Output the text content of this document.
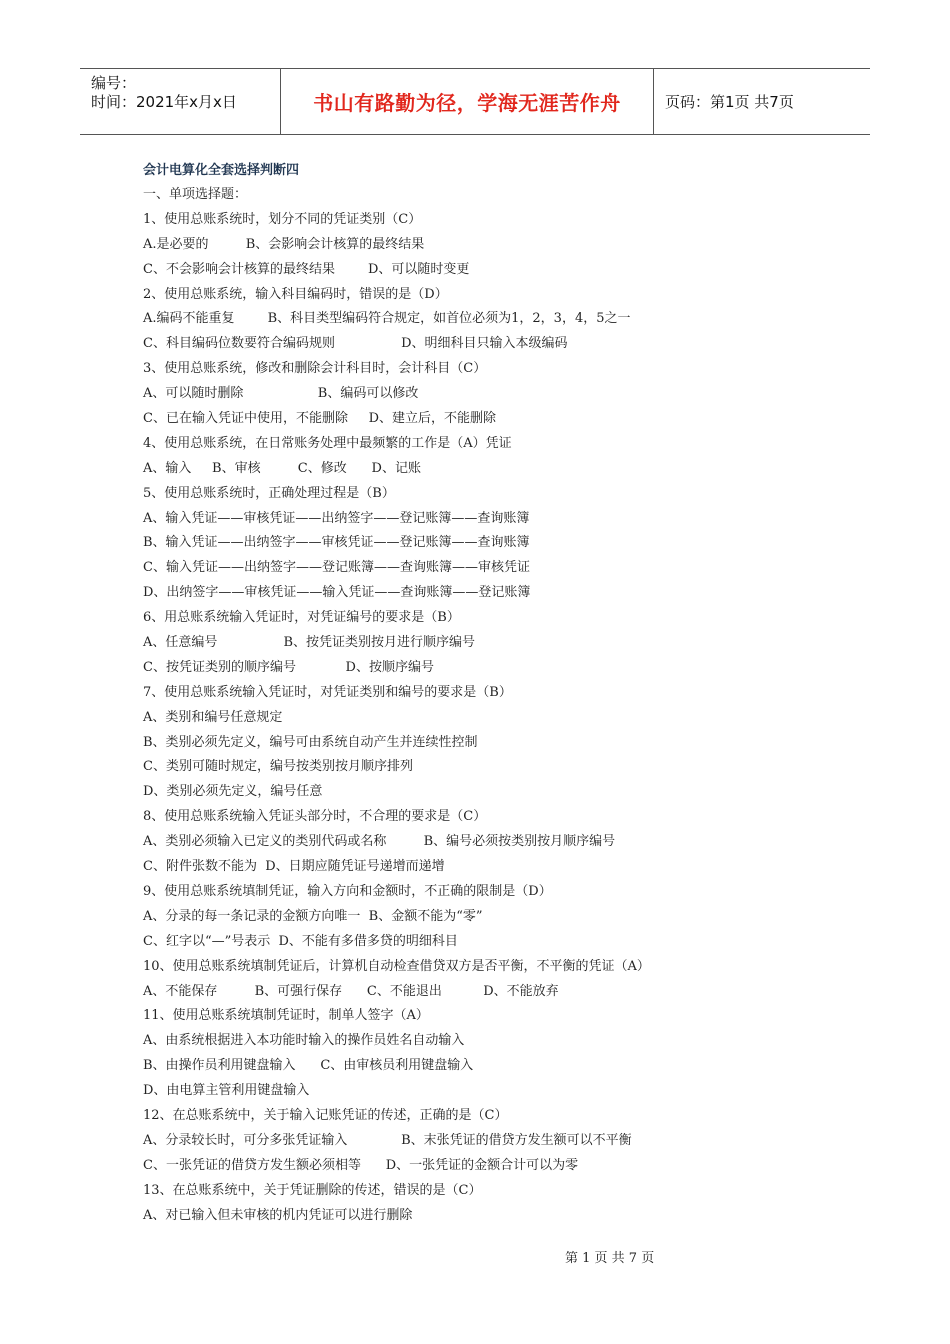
编号：
时间：2021年x月x日	书山有路勤为径，学海无涯苦作舟	页码：第1页 共7页
会计电算化全套选择判断四
一、单项选择题：
1、使用总账系统时，划分不同的凭证类别（C）
A.是必要的         B、会影响会计核算的最终结果
C、不会影响会计核算的最终结果        D、可以随时变更
2、使用总账系统，输入科目编码时，错误的是（D）
A.编码不能重复        B、科目类型编码符合规定，如首位必须为1，2，3，4，5之一
C、科目编码位数要符合编码规则                D、明细科目只输入本级编码
3、使用总账系统，修改和删除会计科目时，会计科目（C）
A、可以随时删除                  B、编码可以修改
C、已在输入凭证中使用，不能删除     D、建立后，不能删除
4、使用总账系统，在日常账务处理中最频繁的工作是（A）凭证
A、输入     B、审核         C、修改      D、记账
5、使用总账系统时，正确处理过程是（B）
A、输入凭证——审核凭证——出纳签字——登记账簿——查询账簿
B、输入凭证——出纳签字——审核凭证——登记账簿——查询账簿
C、输入凭证——出纳签字——登记账簿——查询账簿——审核凭证
D、出纳签字——审核凭证——输入凭证——查询账簿——登记账簿
6、用总账系统输入凭证时，对凭证编号的要求是（B）
A、任意编号                B、按凭证类别按月进行顺序编号
C、按凭证类别的顺序编号            D、按顺序编号
7、使用总账系统输入凭证时，对凭证类别和编号的要求是（B）
A、类别和编号任意规定
B、类别必须先定义，编号可由系统自动产生并连续性控制
C、类别可随时规定，编号按类别按月顺序排列
D、类别必须先定义，编号任意
8、使用总账系统输入凭证头部分时，不合理的要求是（C）
A、类别必须输入已定义的类别代码或名称         B、编号必须按类别按月顺序编号
C、附件张数不能为  D、日期应随凭证号递增而递增
9、使用总账系统填制凭证，输入方向和金额时，不正确的限制是（D）
A、分录的每一条记录的金额方向唯一  B、金额不能为“零”
C、红字以“—”号表示  D、不能有多借多贷的明细科目
10、使用总账系统填制凭证后，计算机自动检查借贷双方是否平衡，不平衡的凭证（A）
A、不能保存         B、可强行保存      C、不能退出          D、不能放弃
11、使用总账系统填制凭证时，制单人签字（A）
A、由系统根据进入本功能时输入的操作员姓名自动输入
B、由操作员利用键盘输入      C、由审核员利用键盘输入
D、由电算主管利用键盘输入
12、在总账系统中，关于输入记账凭证的传述，正确的是（C）
A、分录较长时，可分多张凭证输入             B、末张凭证的借贷方发生额可以不平衡
C、一张凭证的借贷方发生额必须相等      D、一张凭证的金额合计可以为零
13、在总账系统中，关于凭证删除的传述，错误的是（C）
A、对已输入但未审核的机内凭证可以进行删除
第 1 页 共 7 页
